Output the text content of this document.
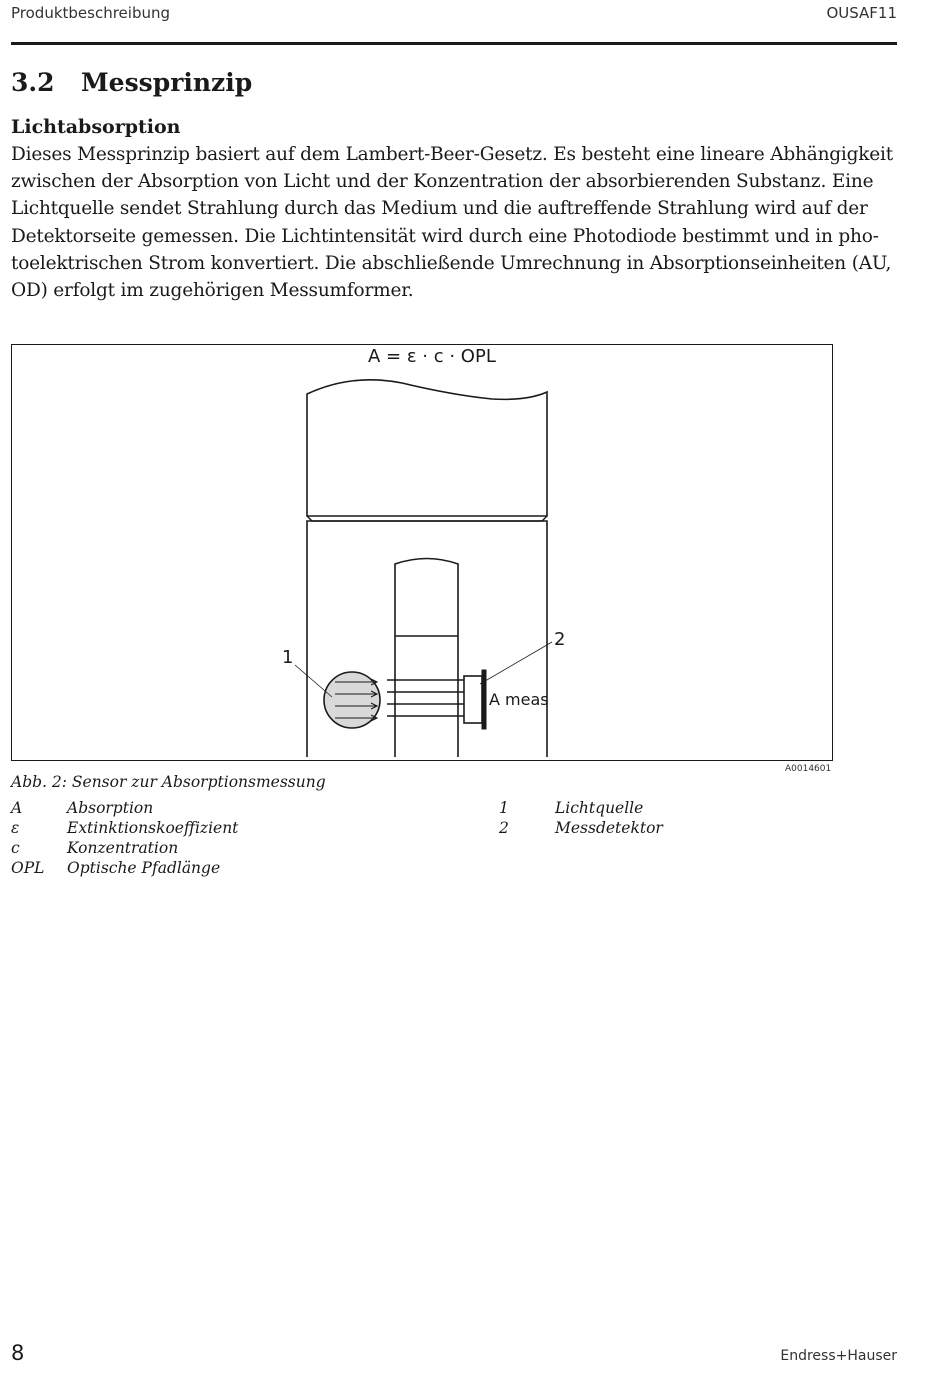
Produktbeschreibung	OUSAF11
3.2 Messprinzip
Lichtabsorption

Dieses Messprinzip basiert auf dem Lambert-Beer-Gesetz. Es besteht eine lineare Abhängigkeit
zwischen der Absorption von Licht und der Konzentration der absorbierenden Substanz. Eine
Lichtquelle sendet Strahlung durch das Medium und die auftreffende Strahlung wird auf der
Detektorseite gemessen. Die Lichtintensität wird durch eine Photodiode bestimmt und in pho-
toelektrischen Strom konvertiert. Die abschließende Umrechnung in Absorptionseinheiten (AU,
OD) erfolgt im zugehörigen Messumformer.

A = ε · c · OPL
1
2
A meas
A0014601
Abb. 2: Sensor zur Absorptionsmessung
A	Absorption
ε	Extinktionskoeffizient
c	Konzentration
OPL Optische Pfadlänge
1	Lichtquelle
2	Messdetektor
8	Endress+Hauser
